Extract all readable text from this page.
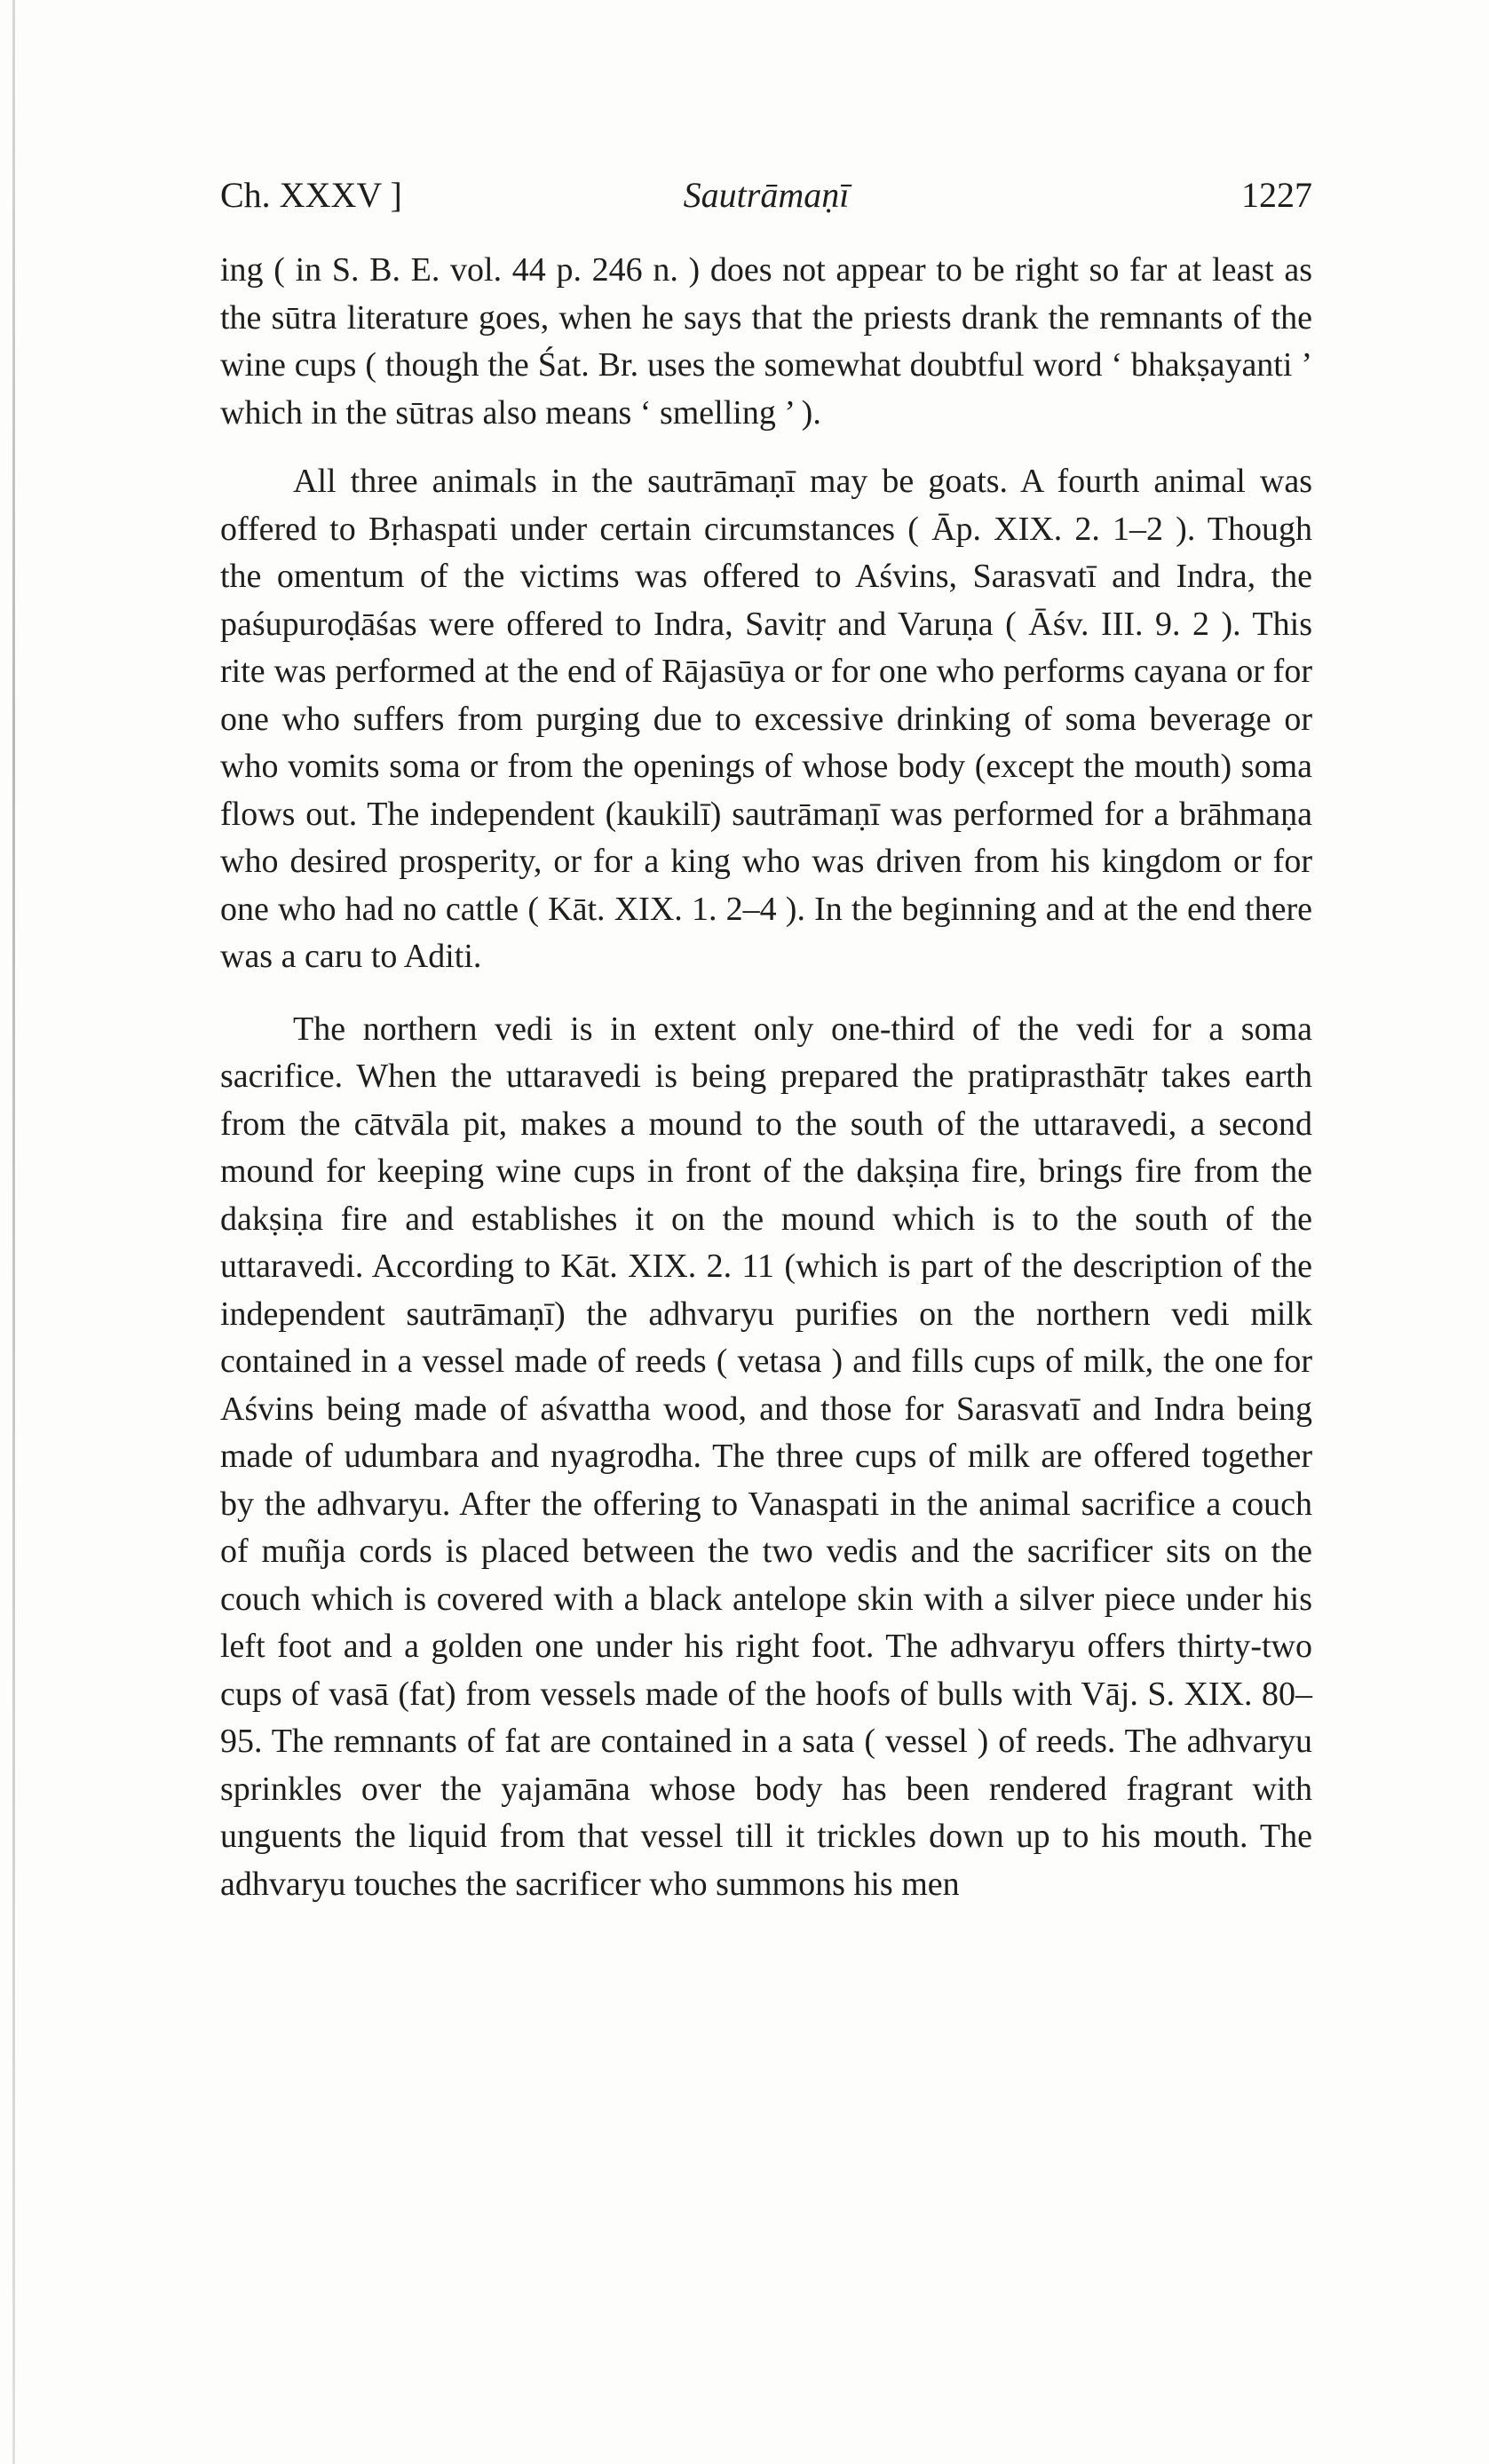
Ch. XXXV ]	Sautrāmaṇī	1227

ing ( in S. B. E. vol. 44 p. 246 n. ) does not appear to be right so far at least as the sūtra literature goes, when he says that the priests drank the remnants of the wine cups ( though the Śat. Br. uses the somewhat doubtful word ‘ bhakṣayanti ’ which in the sūtras also means ‘ smelling ’ ).

All three animals in the sautrāmaṇī may be goats. A fourth animal was offered to Bṛhaspati under certain circumstances ( Āp. XIX. 2. 1–2 ). Though the omentum of the victims was offered to Aśvins, Sarasvatī and Indra, the paśupuroḍāśas were offered to Indra, Savitṛ and Varuṇa ( Āśv. III. 9. 2 ). This rite was performed at the end of Rājasūya or for one who performs cayana or for one who suffers from purging due to excessive drinking of soma beverage or who vomits soma or from the openings of whose body (except the mouth) soma flows out. The independent (kaukilī) sautrāmaṇī was performed for a brāhmaṇa who desired prosperity, or for a king who was driven from his kingdom or for one who had no cattle ( Kāt. XIX. 1. 2–4 ). In the beginning and at the end there was a caru to Aditi.

The northern vedi is in extent only one-third of the vedi for a soma sacrifice. When the uttaravedi is being prepared the pratiprasthātṛ takes earth from the cātvāla pit, makes a mound to the south of the uttaravedi, a second mound for keeping wine cups in front of the dakṣiṇa fire, brings fire from the dakṣiṇa fire and establishes it on the mound which is to the south of the uttaravedi. According to Kāt. XIX. 2. 11 (which is part of the description of the independent sautrāmaṇī) the adhvaryu purifies on the northern vedi milk contained in a vessel made of reeds ( vetasa ) and fills cups of milk, the one for Aśvins being made of aśvattha wood, and those for Sarasvatī and Indra being made of udumbara and nyagrodha. The three cups of milk are offered together by the adhvaryu. After the offering to Vanaspati in the animal sacrifice a couch of muñja cords is placed between the two vedis and the sacrificer sits on the couch which is covered with a black antelope skin with a silver piece under his left foot and a golden one under his right foot. The adhvaryu offers thirty-two cups of vasā (fat) from vessels made of the hoofs of bulls with Vāj. S. XIX. 80–95. The remnants of fat are contained in a sata ( vessel ) of reeds. The adhvaryu sprinkles over the yajamāna whose body has been rendered fragrant with unguents the liquid from that vessel till it trickles down up to his mouth. The adhvaryu touches the sacrificer who summons his men
